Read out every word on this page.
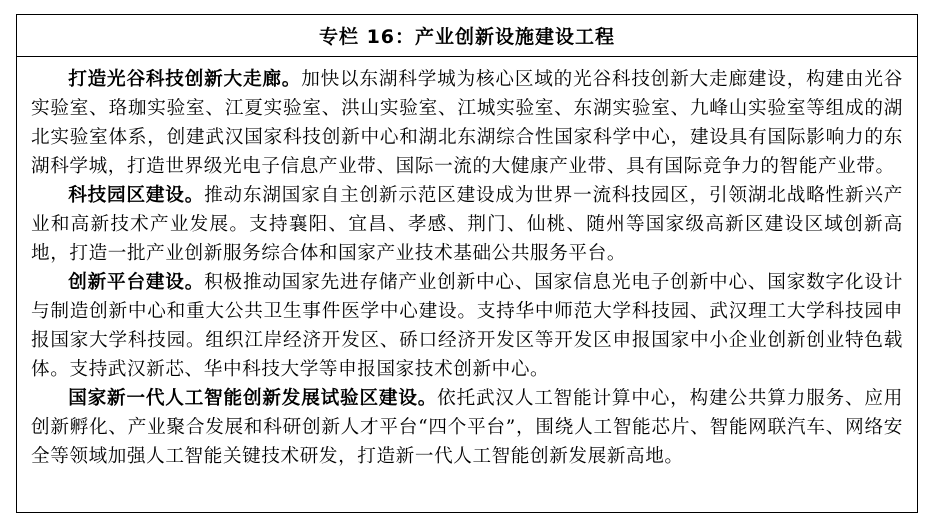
专栏 16：产业创新设施建设工程

打造光谷科技创新大走廊。加快以东湖科学城为核心区域的光谷科技创新大走廊建设，构建由光谷实验室、珞珈实验室、江夏实验室、洪山实验室、江城实验室、东湖实验室、九峰山实验室等组成的湖北实验室体系，创建武汉国家科技创新中心和湖北东湖综合性国家科学中心，建设具有国际影响力的东湖科学城，打造世界级光电子信息产业带、国际一流的大健康产业带、具有国际竞争力的智能产业带。

科技园区建设。推动东湖国家自主创新示范区建设成为世界一流科技园区，引领湖北战略性新兴产业和高新技术产业发展。支持襄阳、宜昌、孝感、荆门、仙桃、随州等国家级高新区建设区域创新高地，打造一批产业创新服务综合体和国家产业技术基础公共服务平台。

创新平台建设。积极推动国家先进存储产业创新中心、国家信息光电子创新中心、国家数字化设计与制造创新中心和重大公共卫生事件医学中心建设。支持华中师范大学科技园、武汉理工大学科技园申报国家大学科技园。组织江岸经济开发区、硚口经济开发区等开发区申报国家中小企业创新创业特色载体。支持武汉新芯、华中科技大学等申报国家技术创新中心。

国家新一代人工智能创新发展试验区建设。依托武汉人工智能计算中心，构建公共算力服务、应用创新孵化、产业聚合发展和科研创新人才平台“四个平台”，围绕人工智能芯片、智能网联汽车、网络安全等领域加强人工智能关键技术研发，打造新一代人工智能创新发展新高地。
